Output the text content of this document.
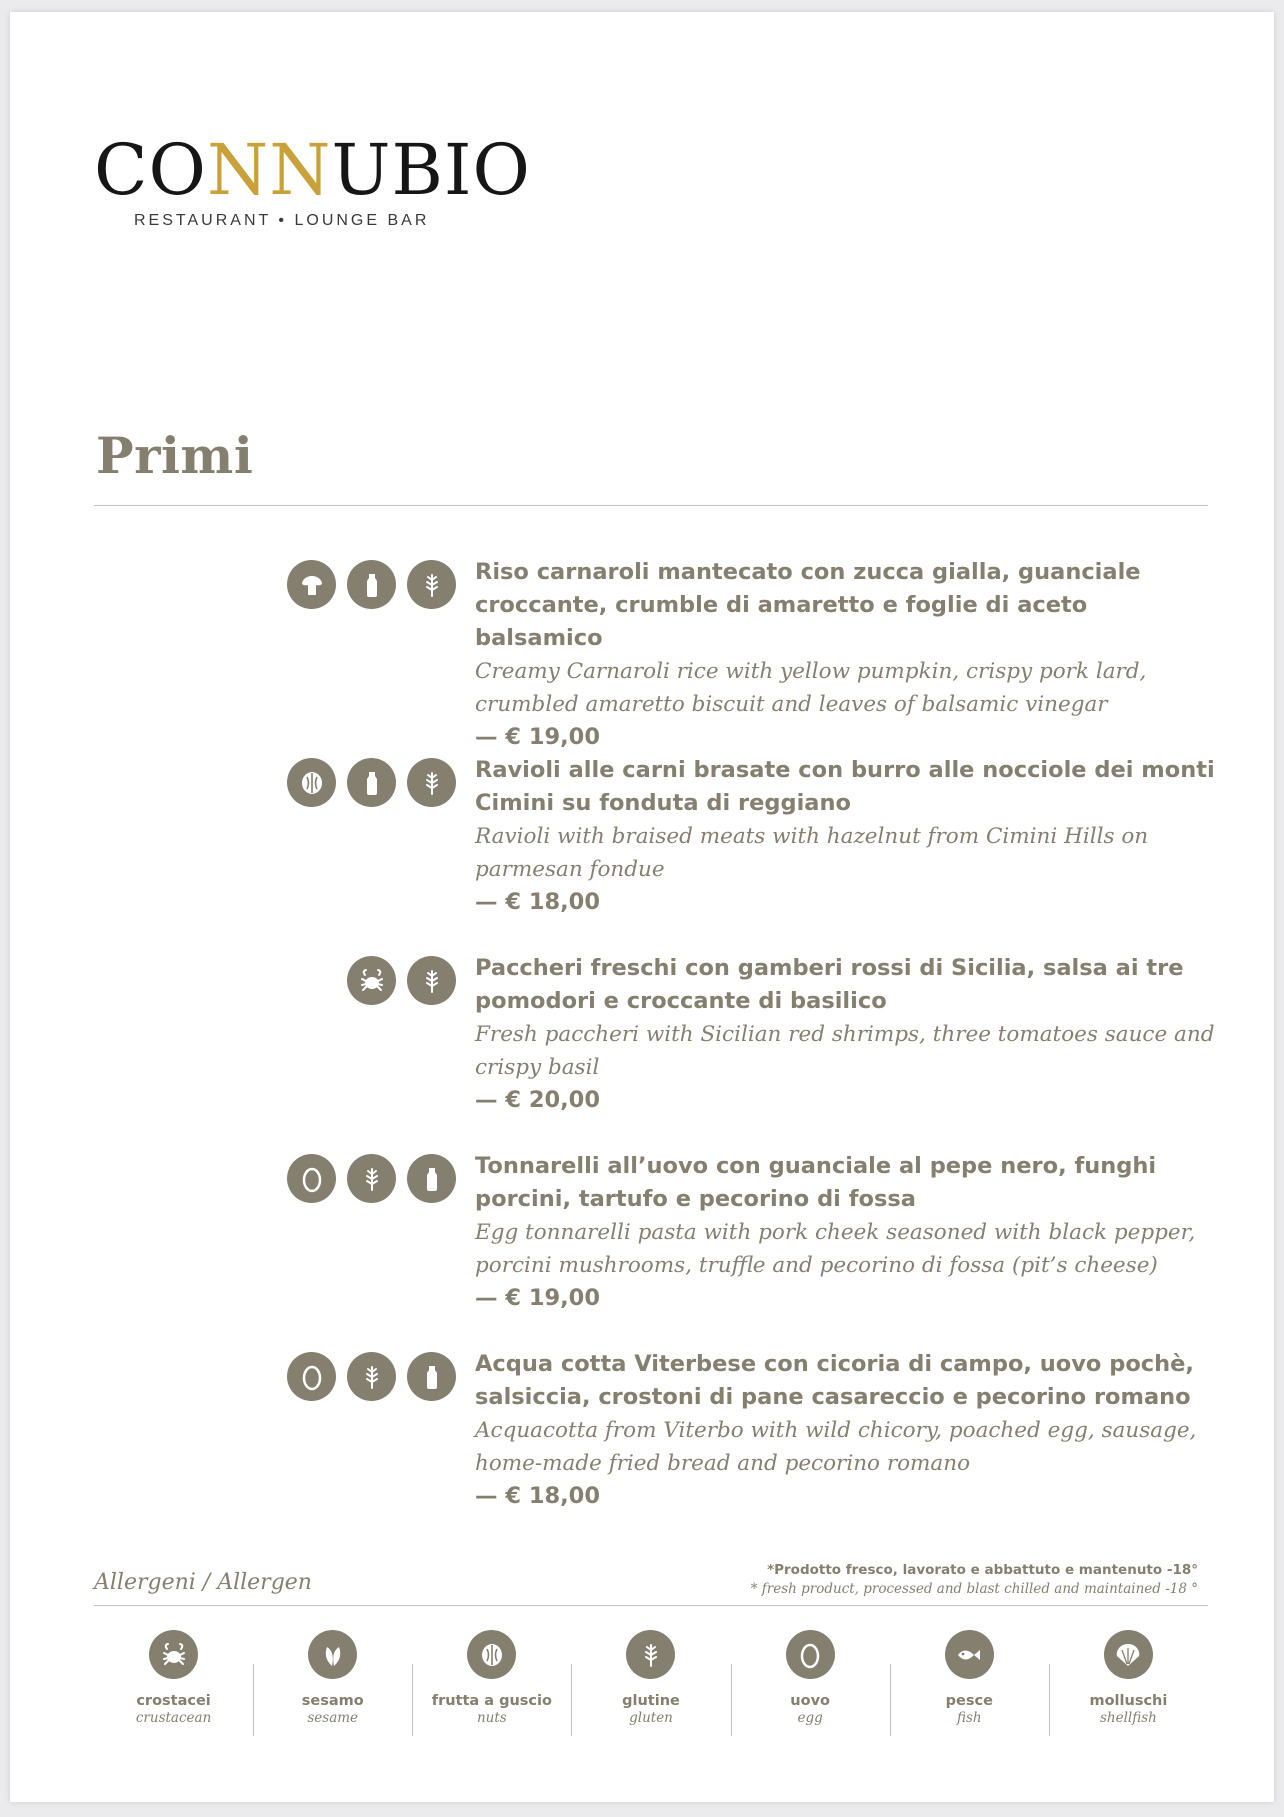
CONNUBIO
RESTAURANT • LOUNGE BAR
Primi
Riso carnaroli mantecato con zucca gialla, guanciale croccante, crumble di amaretto e foglie di aceto balsamico
Creamy Carnaroli rice with yellow pumpkin, crispy pork lard, crumbled amaretto biscuit and leaves of balsamic vinegar
— € 19,00
Ravioli alle carni brasate con burro alle nocciole dei monti Cimini su fonduta di reggiano
Ravioli with braised meats with hazelnut from Cimini Hills on parmesan fondue
— € 18,00
Paccheri freschi con gamberi rossi di Sicilia, salsa ai tre pomodori e croccante di basilico
Fresh paccheri with Sicilian red shrimps, three tomatoes sauce and crispy basil
— € 20,00
Tonnarelli all’uovo con guanciale al pepe nero, funghi porcini, tartufo e pecorino di fossa
Egg tonnarelli pasta with pork cheek seasoned with black pepper, porcini mushrooms, truffle and pecorino di fossa (pit’s cheese)
— € 19,00
Acqua cotta Viterbese con cicoria di campo, uovo pochè, salsiccia, crostoni di pane casareccio e pecorino romano
Acquacotta from Viterbo with wild chicory, poached egg, sausage, home-made fried bread and pecorino romano
— € 18,00
Allergeni / Allergen	*Prodotto fresco, lavorato e abbattuto e mantenuto -18°
* fresh product, processed and blast chilled and maintained -18 °
crostacei
crustacean
sesamo
sesame
frutta a guscio
nuts
glutine
gluten
uovo
egg
pesce
fish
molluschi
shellfish
